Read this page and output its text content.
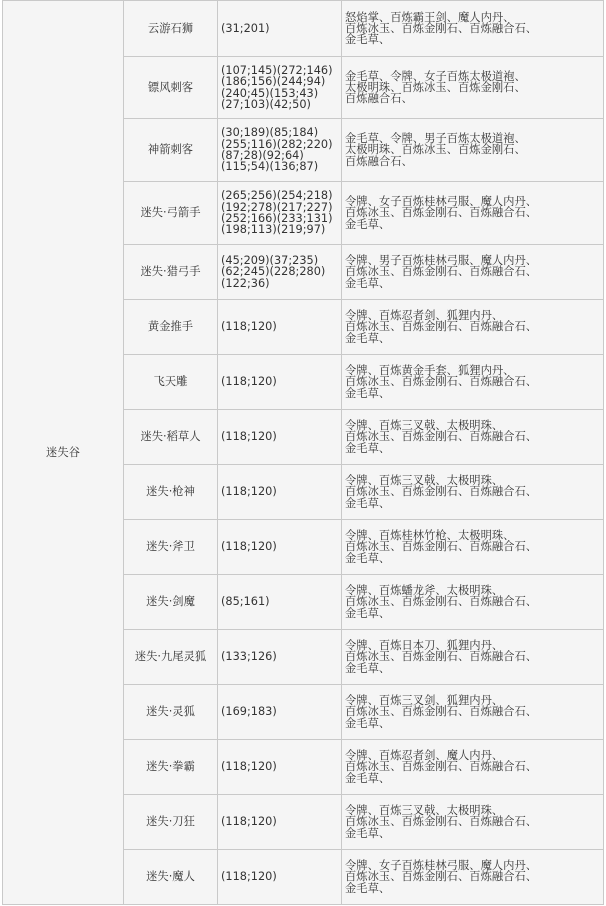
迷失谷	云游石狮	(31;201)	怒焰掌、百炼霸王剑、魔人内丹、
百炼冰玉、百炼金刚石、百炼融合石、
金毛草、

	镖风刺客	(107;145)(272;146)
(186;156)(244;94)
(240;45)(153;43)
(27;103)(42;50)	金毛草、令牌、女子百炼太极道袍、
太极明珠、百炼冰玉、百炼金刚石、
百炼融合石、

	神箭刺客	(30;189)(85;184)
(255;116)(282;220)
(87;28)(92;64)
(115;54)(136;87)	金毛草、令牌、男子百炼太极道袍、
太极明珠、百炼冰玉、百炼金刚石、
百炼融合石、

	迷失·弓箭手	(265;256)(254;218)
(192;278)(217;227)
(252;166)(233;131)
(198;113)(219;97)	令牌、女子百炼桂林弓服、魔人内丹、
百炼冰玉、百炼金刚石、百炼融合石、
金毛草、

	迷失·猎弓手	(45;209)(37;235)
(62;245)(228;280)
(122;36)	令牌、男子百炼桂林弓服、魔人内丹、
百炼冰玉、百炼金刚石、百炼融合石、
金毛草、

	黄金推手	(118;120)	令牌、百炼忍者剑、狐狸内丹、
百炼冰玉、百炼金刚石、百炼融合石、
金毛草、

	飞天雕	(118;120)	令牌、百炼黄金手套、狐狸内丹、
百炼冰玉、百炼金刚石、百炼融合石、
金毛草、

	迷失·稻草人	(118;120)	令牌、百炼三叉戟、太极明珠、
百炼冰玉、百炼金刚石、百炼融合石、
金毛草、

	迷失·枪神	(118;120)	令牌、百炼三叉戟、太极明珠、
百炼冰玉、百炼金刚石、百炼融合石、
金毛草、

	迷失·斧卫	(118;120)	令牌、百炼桂林竹枪、太极明珠、
百炼冰玉、百炼金刚石、百炼融合石、
金毛草、

	迷失·剑魔	(85;161)	令牌、百炼蟠龙斧、太极明珠、
百炼冰玉、百炼金刚石、百炼融合石、
金毛草、

	迷失·九尾灵狐	(133;126)	令牌、百炼日本刀、狐狸内丹、
百炼冰玉、百炼金刚石、百炼融合石、
金毛草、

	迷失·灵狐	(169;183)	令牌、百炼三叉剑、狐狸内丹、
百炼冰玉、百炼金刚石、百炼融合石、
金毛草、

	迷失·拳霸	(118;120)	令牌、百炼忍者剑、魔人内丹、
百炼冰玉、百炼金刚石、百炼融合石、
金毛草、

	迷失·刀狂	(118;120)	令牌、百炼三叉戟、太极明珠、
百炼冰玉、百炼金刚石、百炼融合石、
金毛草、

	迷失·魔人	(118;120)	令牌、女子百炼桂林弓服、魔人内丹、
百炼冰玉、百炼金刚石、百炼融合石、
金毛草、
